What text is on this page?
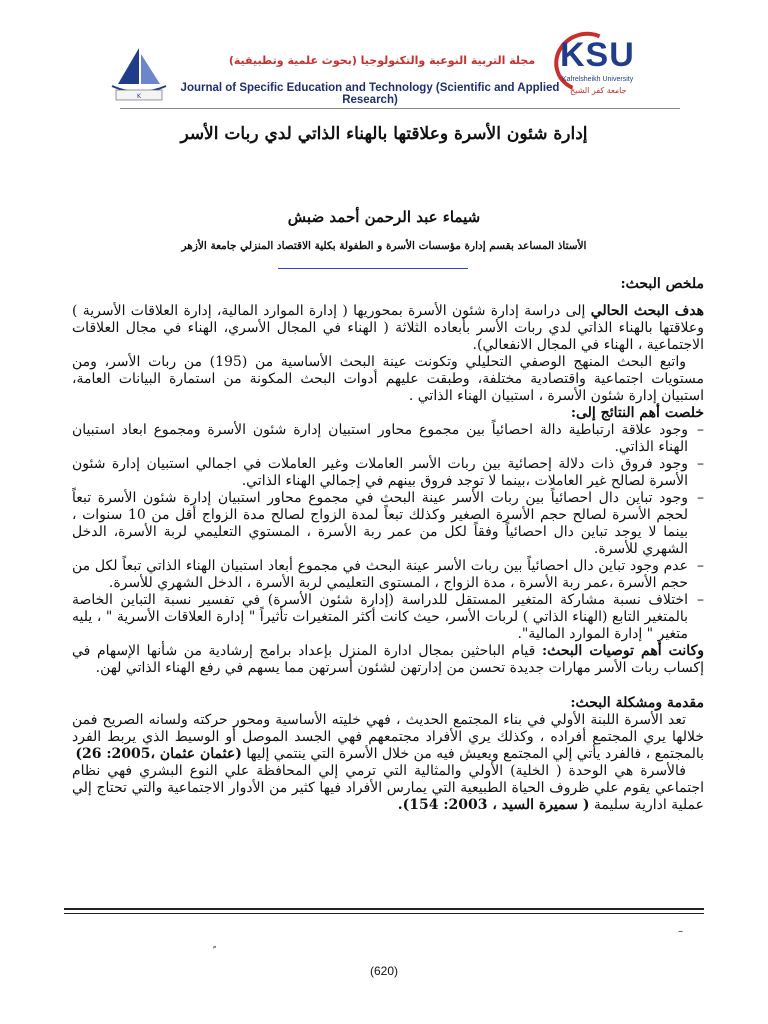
K
مجلة التربية النوعية والتكنولوجيا (بحوث علمية وتطبيقية)
Journal of Specific Education and Technology (Scientific and Applied Research)
KSU
Kafrelsheikh University
جامعة كفر الشيخ
إدارة شئون الأسرة وعلاقتها بالهناء الذاتي لدي ربات الأسر
شيماء عبد الرحمن أحمد ضبش
الأستاذ المساعد بقسم إدارة مؤسسات الأسرة و الطفولة بكلية الاقتصاد المنزلي جامعة الأزهر

ملخص البحث:

هدف البحث الحالي إلى دراسة إدارة شئون الأسرة بمحوريها ( إدارة الموارد المالية، إدارة العلاقات الأسرية ) وعلاقتها بالهناء الذاتي لدي ربات الأسر بأبعاده الثلاثة ( الهناء في المجال الأسري، الهناء في مجال العلاقات الاجتماعية ، الهناء في المجال الانفعالي).

واتبع البحث المنهج الوصفي التحليلي وتكونت عينة البحث الأساسية من (195) من ربات الأسر، ومن مستويات اجتماعية واقتصادية مختلفة، وطبقت عليهم أدوات البحث المكونة من استمارة البيانات العامة، استبيان إدارة شئون الأسرة ، استبيان الهناء الذاتي .

خلصت أهم النتائج إلى:

– وجود علاقة ارتباطية دالة احصائياً بين مجموع محاور استبيان إدارة شئون الأسرة ومجموع ابعاد استبيان الهناء الذاتي.
– وجود فروق ذات دلالة إحصائية بين ربات الأسر العاملات وغير العاملات في اجمالي استبيان إدارة شئون الأسرة لصالح غير العاملات ،بينما لا توجد فروق بينهم في إجمالي الهناء الذاتي.
– وجود تباين دال احصائياً بين ربات الأسر عينة البحث في مجموع محاور استبيان إدارة شئون الأسرة تبعاً لحجم الأسرة لصالح حجم الأسرة الصغير وكذلك تبعاً لمدة الزواج لصالح مدة الزواج أقل من 10 سنوات ، بينما لا يوجد تباين دال احصائياً وفقاً لكل من عمر ربة الأسرة ، المستوي التعليمي لربة الأسرة، الدخل الشهري للأسرة.
– عدم وجود تباين دال احصائياً بين ربات الأسر عينة البحث في مجموع أبعاد استبيان الهناء الذاتي تبعاً لكل من حجم الأسرة ،عمر ربة الأسرة ، مدة الزواج ، المستوى التعليمي لربة الأسرة ، الدخل الشهري للأسرة.
– اختلاف نسبة مشاركة المتغير المستقل للدراسة (إدارة شئون الأسرة) في تفسير نسبة التباين الخاصة بالمتغير التابع (الهناء الذاتي ) لربات الأسر، حيث كانت أكثر المتغيرات تأثيراً " إدارة العلاقات الأسرية " ، يليه متغير " إدارة الموارد المالية".

وكانت أهم توصيات البحث: قيام الباحثين بمجال ادارة المنزل بإعداد برامج إرشادية من شأنها الإسهام في إكساب ربات الأسر مهارات جديدة تحسن من إدارتهن لشئون أسرتهن مما يسهم في رفع الهناء الذاتي لهن.

مقدمة ومشكلة البحث:

تعد الأسرة اللبنة الأولي في بناء المجتمع الحديث ، فهي خليته الأساسية ومحور حركته ولسانه الصريح فمن خلالها يري المجتمع أفراده ، وكذلك يري الأفراد مجتمعهم فهي الجسد الموصل أو الوسيط الذي يربط الفرد بالمجتمع ، فالفرد يأتي إلي المجتمع ويعيش فيه من خلال الأسرة التي ينتمي إليها (عثمان عثمان ،2005: 26)

فالأسرة هي الوحدة ( الخلية) الأولي والمثالية التي ترمي إلي المحافظة علي النوع البشري فهي نظام اجتماعي يقوم علي ظروف الحياة الطبيعية التي يمارس الأفراد فيها كثير من الأدوار الاجتماعية والتي تحتاج إلي عملية ادارية سليمة ( سميرة السيد ، 2003: 154).

–
(620)
